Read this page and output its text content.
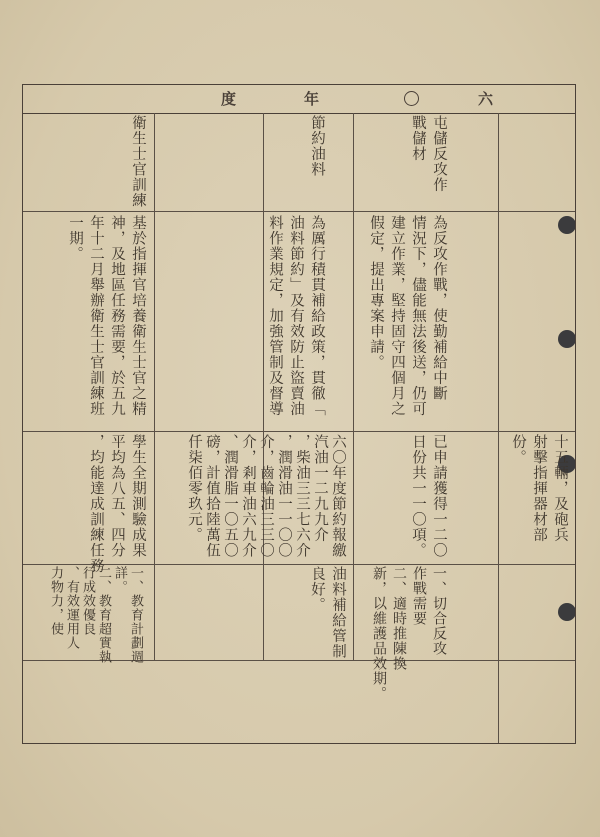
六
年
度
屯儲反攻作
戰儲材
節約油料
衛生士官訓練
為反攻作戰，使勤補給中斷
情況下，儘能無法後送，仍可
建立作業，堅持固守四個月之
假定，提出專案申請。
為厲行積貫補給政策，貫徹「
油料節約」及有效防止盜賣油
料作業規定，加強管制及督導
基於指揮官培養衛生士官之精
神，及地區任務需要，於五九
年十二月舉辦衛生士官訓練班
一期。
十五輛，及砲兵
射擊指揮器材部
份。
已申請獲得一二〇
日份共一一〇項。
六〇年度節約報繳
汽油一二九九介
，柴油三三七六介
，潤滑油一一〇〇
介，齒輪油三三〇
介，剎車油六九介
、潤滑脂一〇五〇
磅，計值拾陸萬伍
仟柒佰零玖元。
學生全期測驗成果
平均為八五、四分
，均能達成訓練任務
一、切合反攻
作戰需要
二、適時推陳換
新，以維護品效期。
油料補給管制
良好。
一、教育計劃週
詳。
二、教育超實執
行成效優良
、有效運用人
力物力，使
